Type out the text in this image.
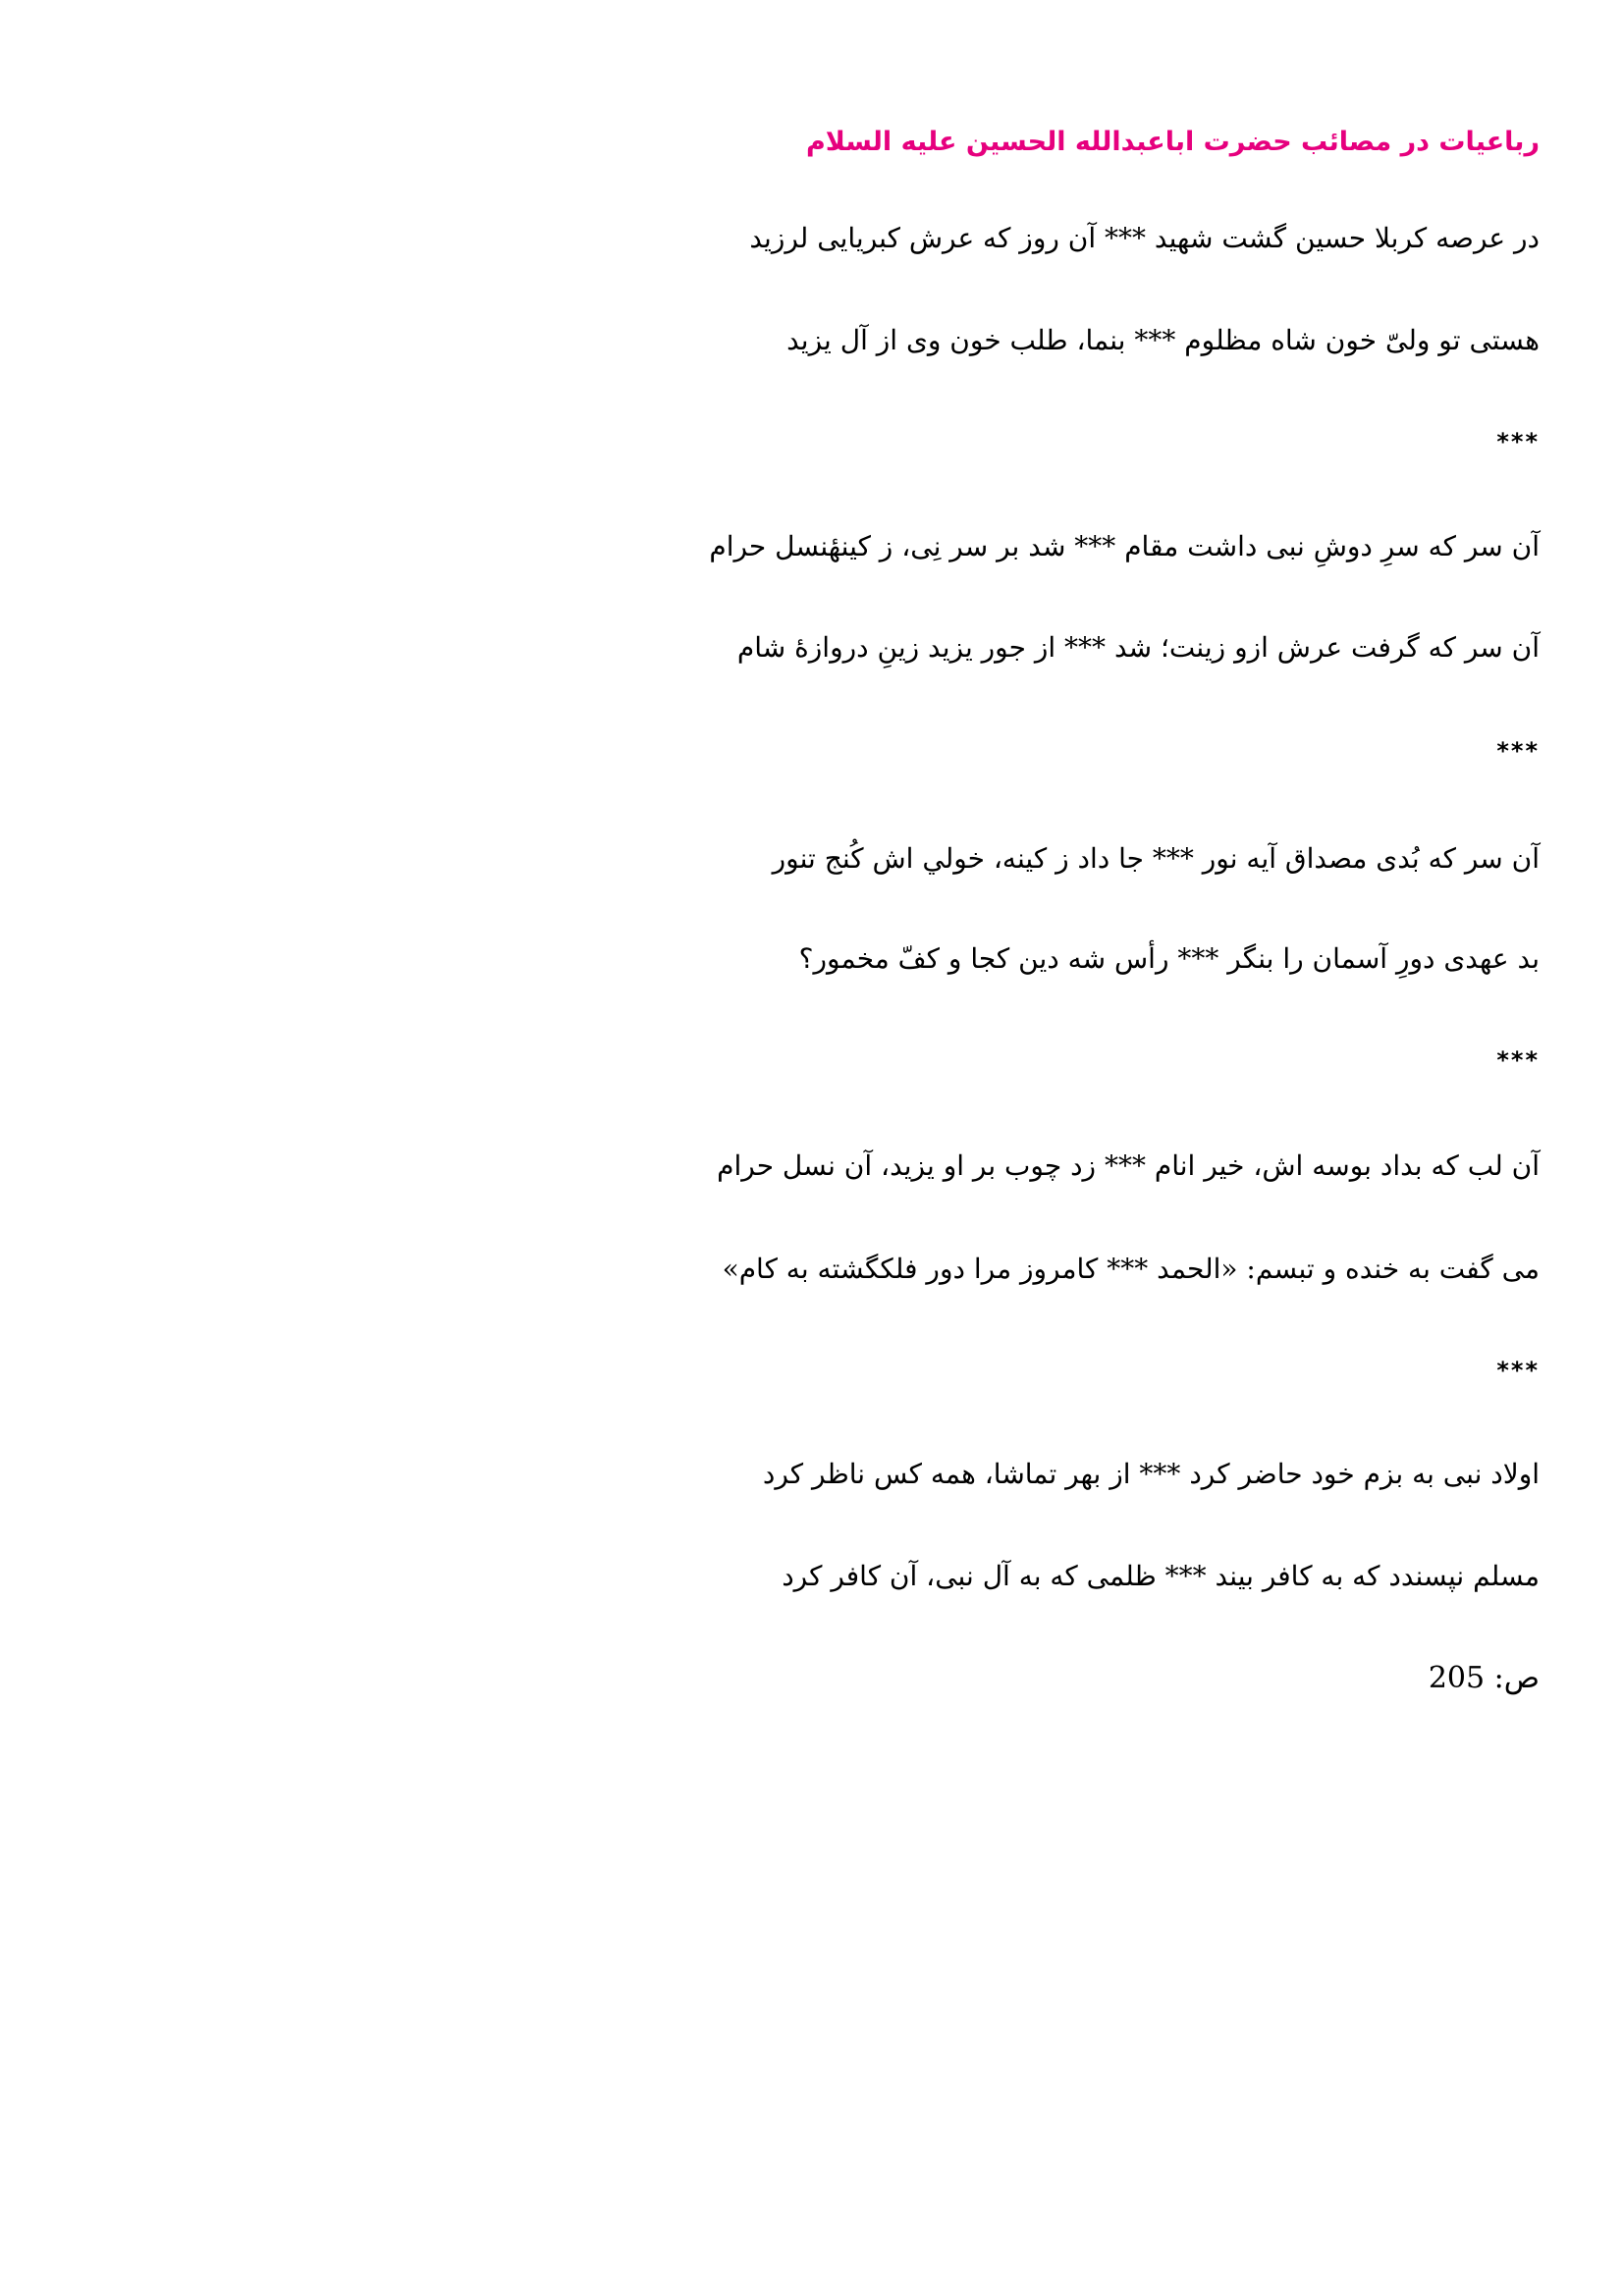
رباعیات در مصائب حضرت اباعبدالله الحسین علیه السلام
در عرصه کربلا حسین گشت شهید *** آن روز که عرش کبریایی لرزید
هستی تو ولیّ خون شاه مظلوم *** بنما، طلب خون وی از آل یزید
***
آن سر که سرِ دوشِ نبی داشت مقام *** شد بر سر نِی، ز کینهٔنسل حرام
آن سر که گرفت عرش ازو زینت؛ شد *** از جور یزید زینِ دروازهٔ شام
***
آن سر که بُدی مصداق آیه نور *** جا داد ز کینه، خولي اش کُنج تنور
بد عهدی دورِ آسمان را بنگر *** رأس شه دین کجا و کفّ مخمور؟
***
آن لب که بداد بوسه اش، خیر انام *** زد چوب بر او یزید، آن نسل حرام
می گفت به خنده و تبسم: «الحمد *** کامروز مرا دور فلکگشته به کام»
***
اولاد نبی به بزم خود حاضر کرد *** از بهر تماشا، همه کس ناظر کرد
مسلم نپسندد که به کافر بیند *** ظلمی که به آل نبی، آن کافر کرد
ص: 205
